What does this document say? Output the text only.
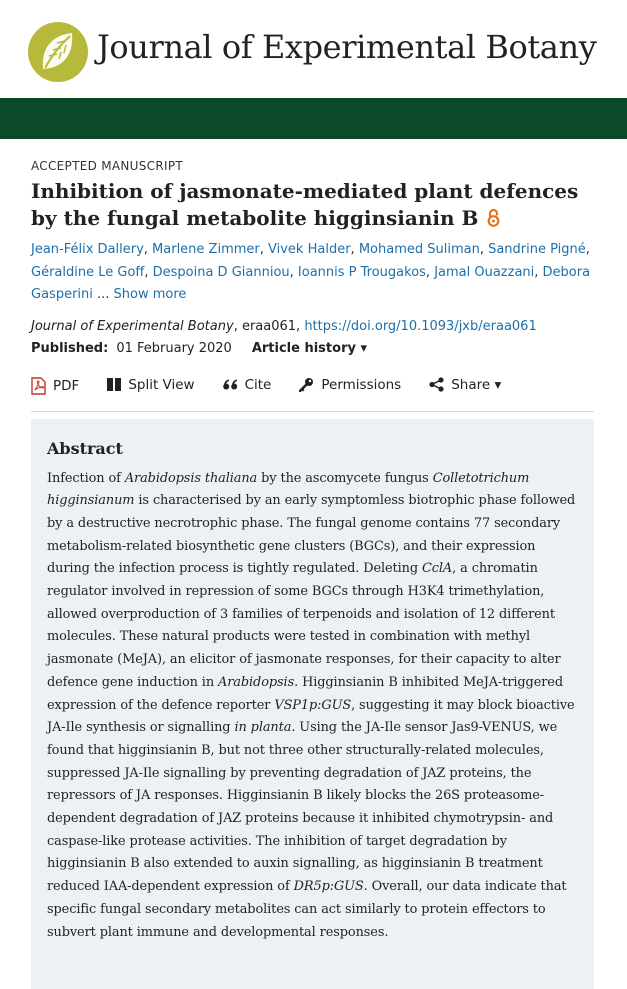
Journal of Experimental Botany
ACCEPTED MANUSCRIPT
Inhibition of jasmonate-mediated plant defences by the fungal metabolite higginsianin B
Jean-Félix Dallery, Marlene Zimmer, Vivek Halder, Mohamed Suliman, Sandrine Pigné, Géraldine Le Goff, Despoina D Gianniou, Ioannis P Trougakos, Jamal Ouazzani, Debora Gasperini ... Show more
Journal of Experimental Botany, eraa061, https://doi.org/10.1093/jxb/eraa061
Published: 01 February 2020 Article history ▾
PDF	Split View	Cite	Permissions	Share ▾
Abstract

Infection of Arabidopsis thaliana by the ascomycete fungus Colletotrichum higginsianum is characterised by an early symptomless biotrophic phase followed by a destructive necrotrophic phase. The fungal genome contains 77 secondary metabolism-related biosynthetic gene clusters (BGCs), and their expression during the infection process is tightly regulated. Deleting CclA, a chromatin regulator involved in repression of some BGCs through H3K4 trimethylation, allowed overproduction of 3 families of terpenoids and isolation of 12 different molecules. These natural products were tested in combination with methyl jasmonate (MeJA), an elicitor of jasmonate responses, for their capacity to alter defence gene induction in Arabidopsis. Higginsianin B inhibited MeJA-triggered expression of the defence reporter VSP1p:GUS, suggesting it may block bioactive JA-Ile synthesis or signalling in planta. Using the JA-Ile sensor Jas9-VENUS, we found that higginsianin B, but not three other structurally-related molecules, suppressed JA-Ile signalling by preventing degradation of JAZ proteins, the repressors of JA responses. Higginsianin B likely blocks the 26S proteasome-dependent degradation of JAZ proteins because it inhibited chymotrypsin- and caspase-like protease activities. The inhibition of target degradation by higginsianin B also extended to auxin signalling, as higginsianin B treatment reduced IAA-dependent expression of DR5p:GUS. Overall, our data indicate that specific fungal secondary metabolites can act similarly to protein effectors to subvert plant immune and developmental responses.
